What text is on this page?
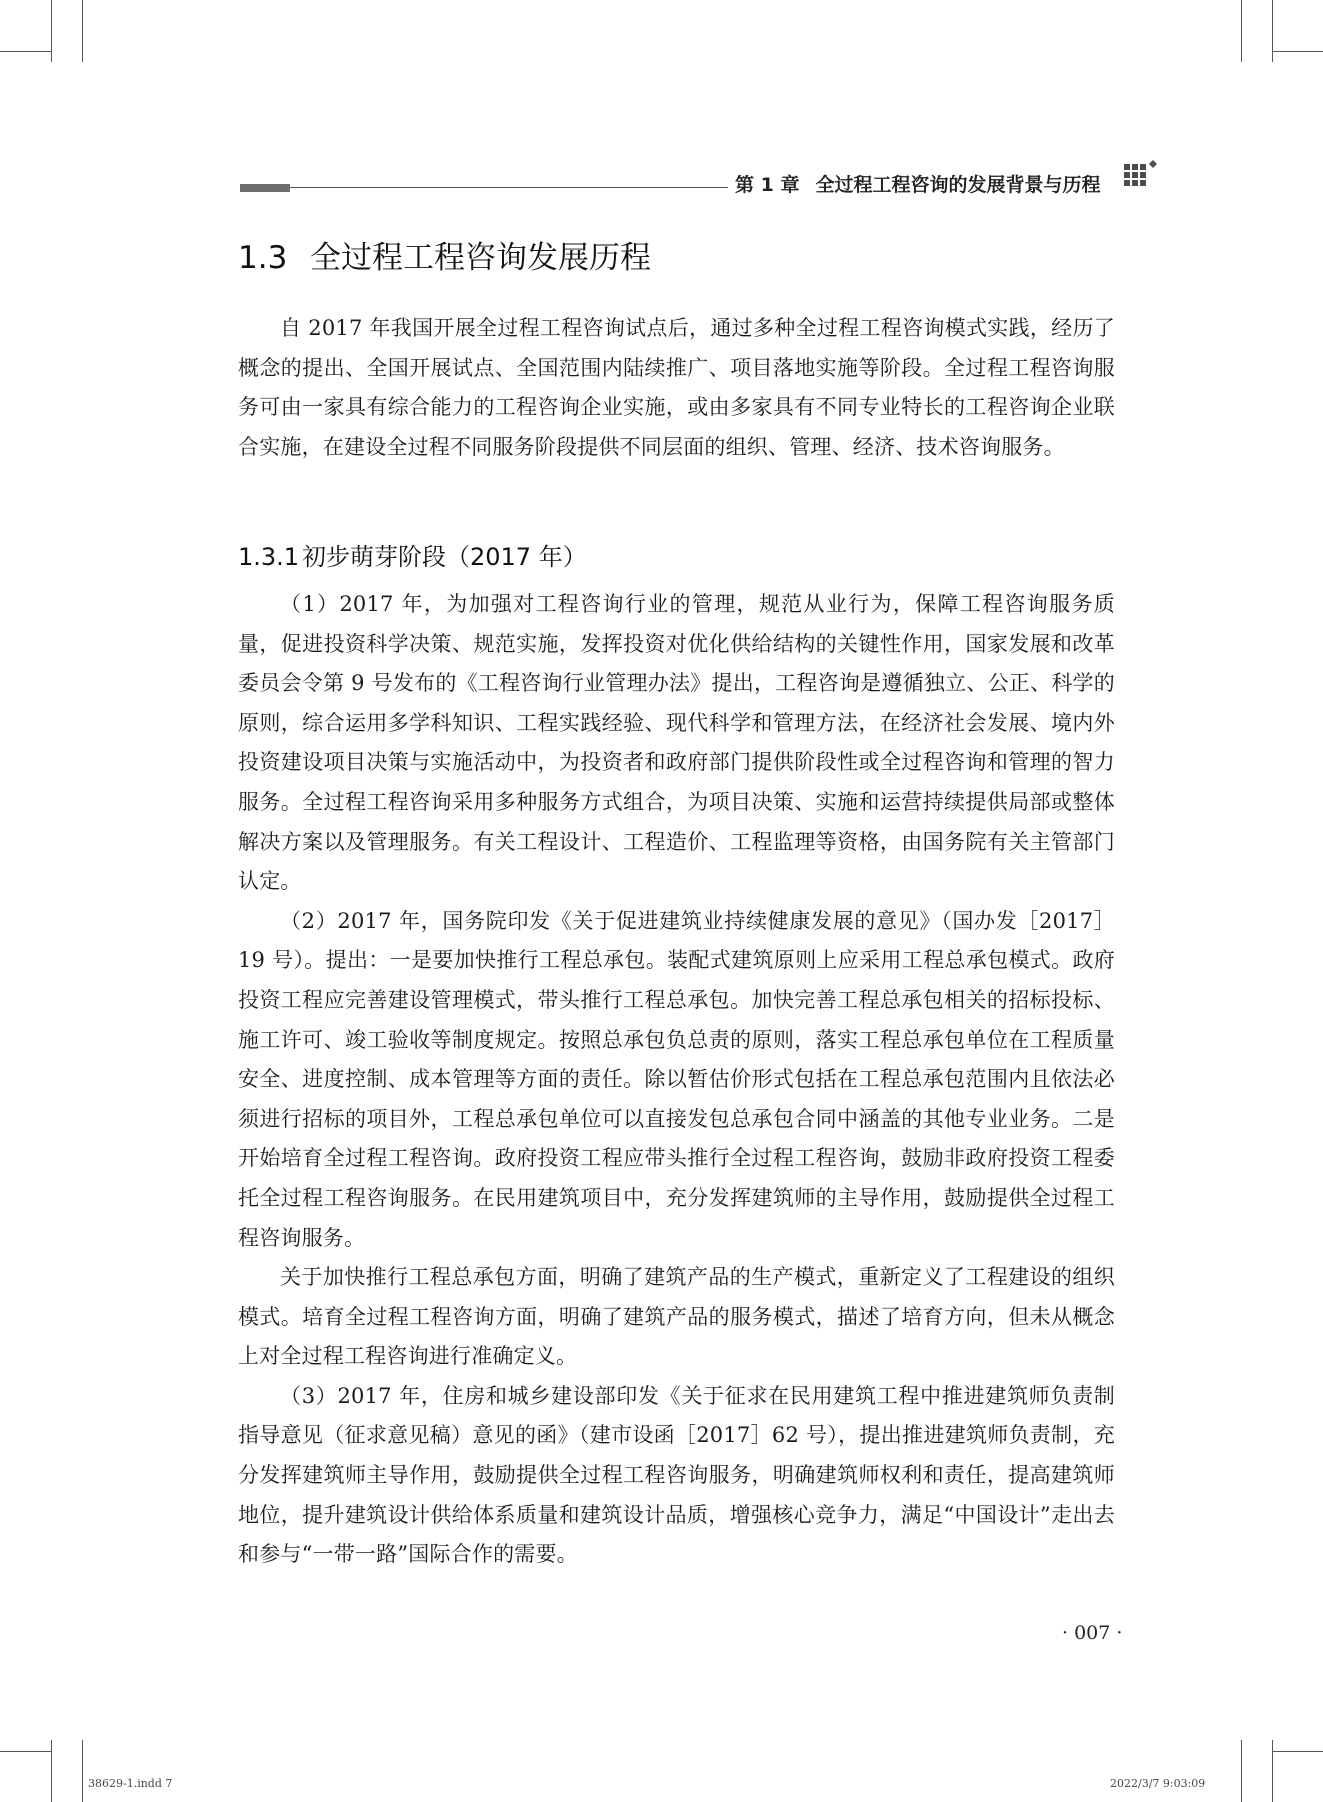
第 1 章 全过程工程咨询的发展背景与历程
1.3 全过程工程咨询发展历程

自 2017 年我国开展全过程工程咨询试点后，通过多种全过程工程咨询模式实践，经历了概念的提出、全国开展试点、全国范围内陆续推广、项目落地实施等阶段。全过程工程咨询服务可由一家具有综合能力的工程咨询企业实施，或由多家具有不同专业特长的工程咨询企业联合实施，在建设全过程不同服务阶段提供不同层面的组织、管理、经济、技术咨询服务。

1.3.1 初步萌芽阶段（2017 年）

（1）2017 年，为加强对工程咨询行业的管理，规范从业行为，保障工程咨询服务质量，促进投资科学决策、规范实施，发挥投资对优化供给结构的关键性作用，国家发展和改革委员会令第 9 号发布的《工程咨询行业管理办法》提出，工程咨询是遵循独立、公正、科学的原则，综合运用多学科知识、工程实践经验、现代科学和管理方法，在经济社会发展、境内外投资建设项目决策与实施活动中，为投资者和政府部门提供阶段性或全过程咨询和管理的智力服务。全过程工程咨询采用多种服务方式组合，为项目决策、实施和运营持续提供局部或整体解决方案以及管理服务。有关工程设计、工程造价、工程监理等资格，由国务院有关主管部门认定。

（2）2017 年，国务院印发《关于促进建筑业持续健康发展的意见》（国办发［2017］19 号）。提出：一是要加快推行工程总承包。装配式建筑原则上应采用工程总承包模式。政府投资工程应完善建设管理模式，带头推行工程总承包。加快完善工程总承包相关的招标投标、施工许可、竣工验收等制度规定。按照总承包负总责的原则，落实工程总承包单位在工程质量安全、进度控制、成本管理等方面的责任。除以暂估价形式包括在工程总承包范围内且依法必须进行招标的项目外，工程总承包单位可以直接发包总承包合同中涵盖的其他专业业务。二是开始培育全过程工程咨询。政府投资工程应带头推行全过程工程咨询，鼓励非政府投资工程委托全过程工程咨询服务。在民用建筑项目中，充分发挥建筑师的主导作用，鼓励提供全过程工程咨询服务。

关于加快推行工程总承包方面，明确了建筑产品的生产模式，重新定义了工程建设的组织模式。培育全过程工程咨询方面，明确了建筑产品的服务模式，描述了培育方向，但未从概念上对全过程工程咨询进行准确定义。

（3）2017 年，住房和城乡建设部印发《关于征求在民用建筑工程中推进建筑师负责制指导意见（征求意见稿）意见的函》（建市设函［2017］62 号），提出推进建筑师负责制，充分发挥建筑师主导作用，鼓励提供全过程工程咨询服务，明确建筑师权利和责任，提高建筑师地位，提升建筑设计供给体系质量和建筑设计品质，增强核心竞争力，满足“中国设计”走出去和参与“一带一路”国际合作的需要。

· 007 ·
38629-1.indd 7	2022/3/7 9:03:09
